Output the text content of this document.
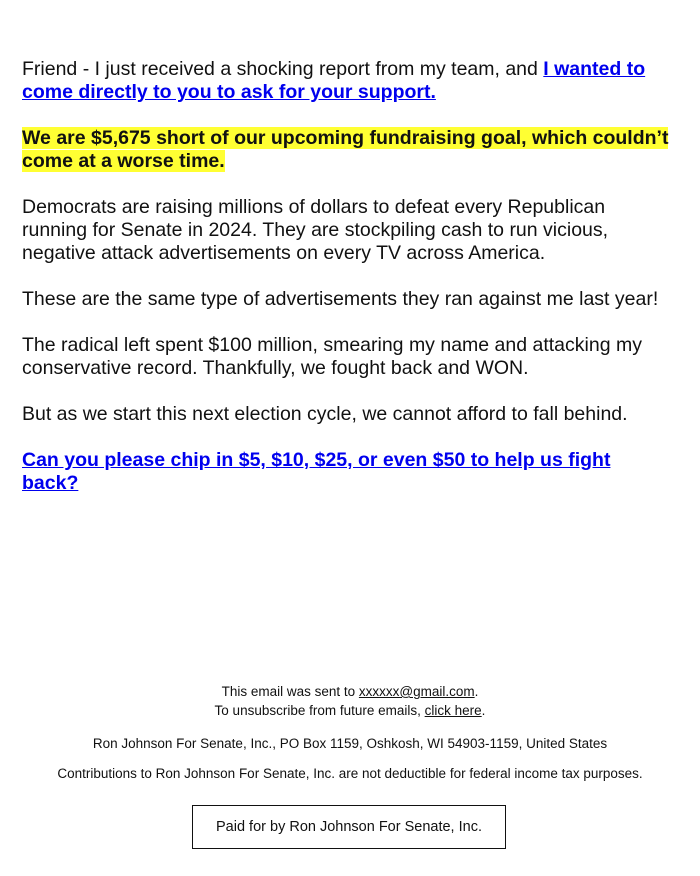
Friend - I just received a shocking report from my team, and I wanted to come directly to you to ask for your support.

We are $5,675 short of our upcoming fundraising goal, which couldn’t come at a worse time.

Democrats are raising millions of dollars to defeat every Republican running for Senate in 2024. They are stockpiling cash to run vicious, negative attack advertisements on every TV across America.

These are the same type of advertisements they ran against me last year!

The radical left spent $100 million, smearing my name and attacking my conservative record. Thankfully, we fought back and WON.

But as we start this next election cycle, we cannot afford to fall behind.

Can you please chip in $5, $10, $25, or even $50 to help us fight back?

This email was sent to xxxxxx@gmail.com.
To unsubscribe from future emails, click here.
Ron Johnson For Senate, Inc., PO Box 1159, Oshkosh, WI 54903-1159, United States
Contributions to Ron Johnson For Senate, Inc. are not deductible for federal income tax purposes.
Paid for by Ron Johnson For Senate, Inc.
